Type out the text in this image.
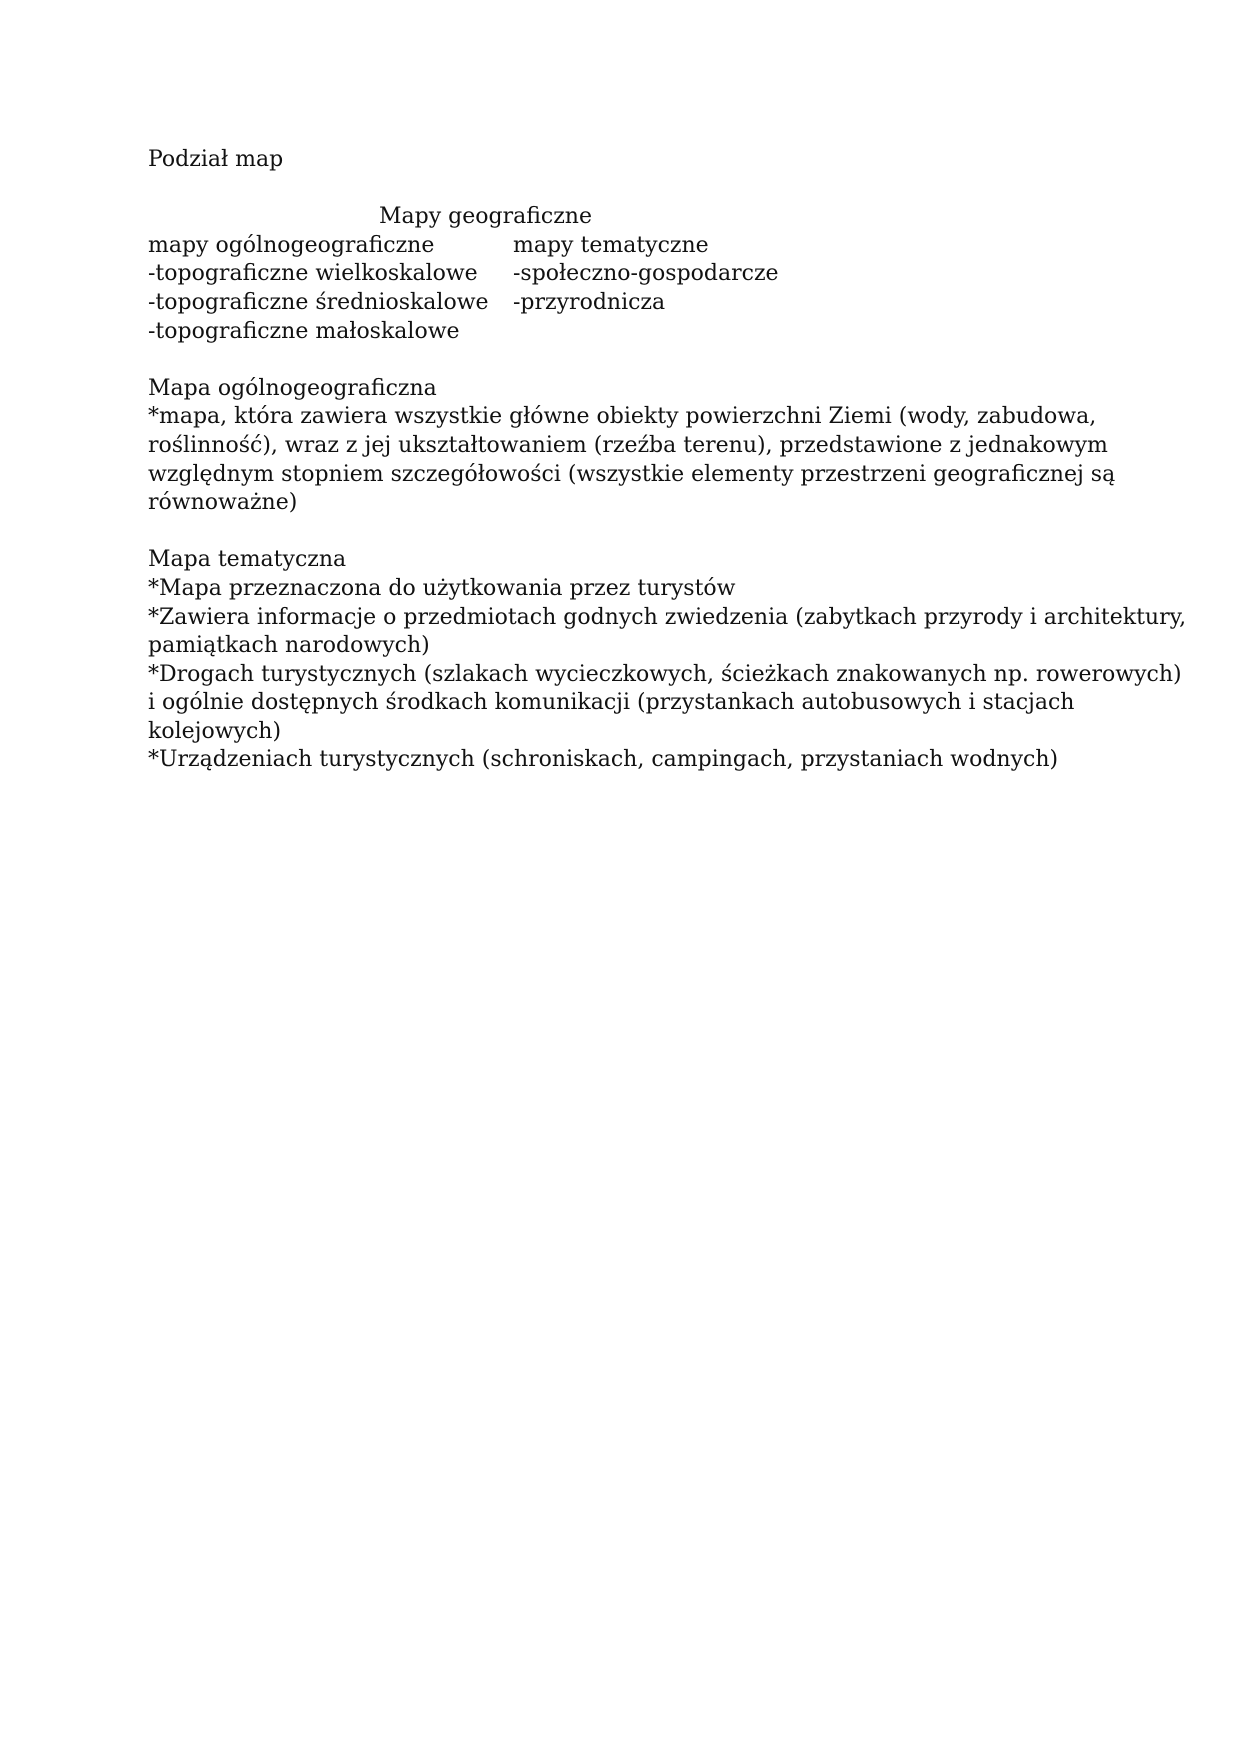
Podział map
Mapy geograficzne
mapy ogólnogeograficzne	mapy tematyczne
-topograficzne wielkoskalowe	-społeczno-gospodarcze
-topograficzne średnioskalowe	-przyrodnicza
-topograficzne małoskalowe
Mapa ogólnogeograficzna
*mapa, która zawiera wszystkie główne obiekty powierzchni Ziemi (wody, zabudowa,
roślinność), wraz z jej ukształtowaniem (rzeźba terenu), przedstawione z jednakowym
względnym stopniem szczegółowości (wszystkie elementy przestrzeni geograficznej są
równoważne)
Mapa tematyczna
*Mapa przeznaczona do użytkowania przez turystów
*Zawiera informacje o przedmiotach godnych zwiedzenia (zabytkach przyrody i architektury,
pamiątkach narodowych)
*Drogach turystycznych (szlakach wycieczkowych, ścieżkach znakowanych np. rowerowych)
i ogólnie dostępnych środkach komunikacji (przystankach autobusowych i stacjach
kolejowych)
*Urządzeniach turystycznych (schroniskach, campingach, przystaniach wodnych)
